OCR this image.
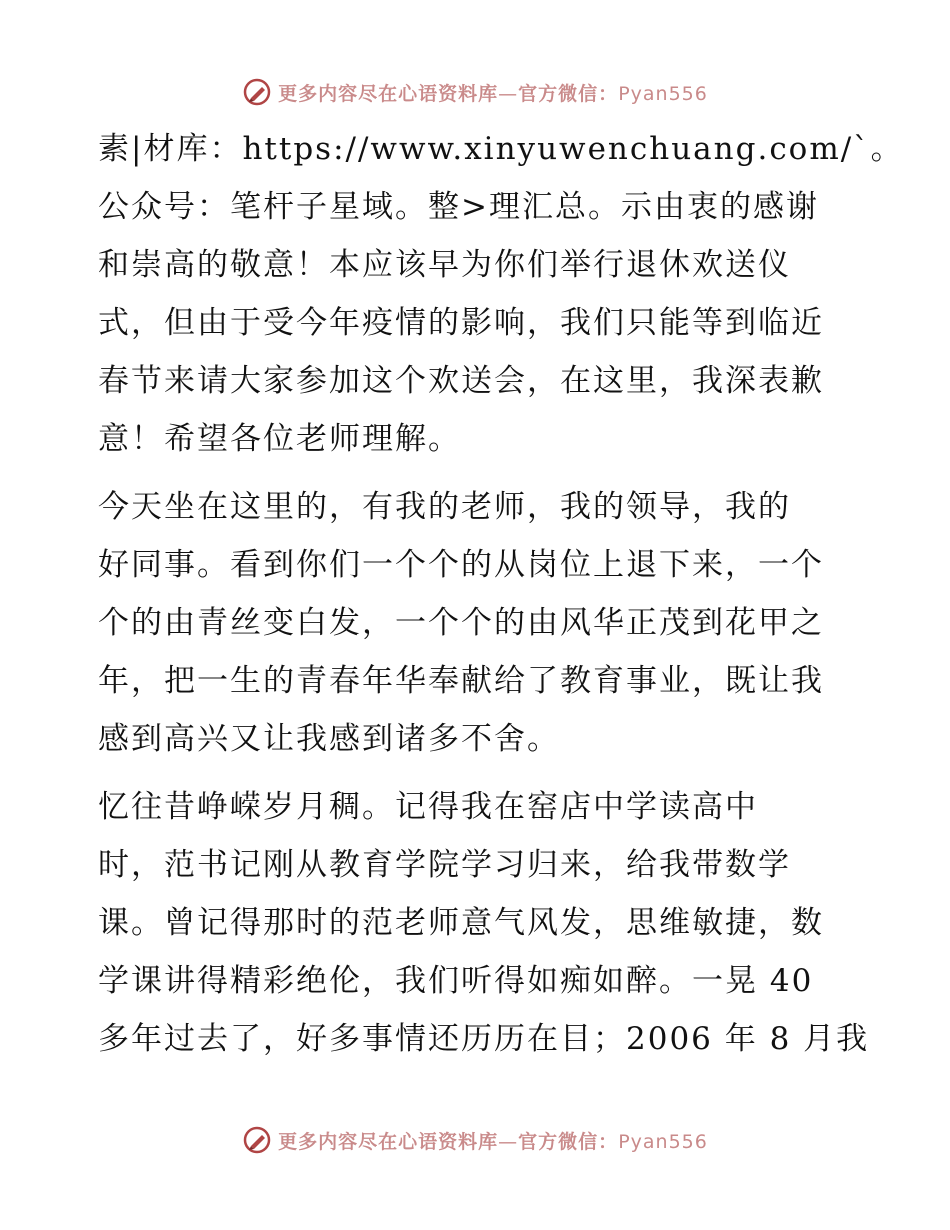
更多内容尽在心语资料库—官方微信：Pyan556
素|材库：https://www.xinyuwenchuang.com/`。
公众号：笔杆子星域。整>理汇总。示由衷的感谢
和崇高的敬意！本应该早为你们举行退休欢送仪
式，但由于受今年疫情的影响，我们只能等到临近
春节来请大家参加这个欢送会，在这里，我深表歉
意！希望各位老师理解。
今天坐在这里的，有我的老师，我的领导，我的
好同事。看到你们一个个的从岗位上退下来，一个
个的由青丝变白发，一个个的由风华正茂到花甲之
年，把一生的青春年华奉献给了教育事业，既让我
感到高兴又让我感到诸多不舍。
忆往昔峥嵘岁月稠。记得我在窑店中学读高中
时，范书记刚从教育学院学习归来，给我带数学
课。曾记得那时的范老师意气风发，思维敏捷，数
学课讲得精彩绝伦，我们听得如痴如醉。一晃 40
多年过去了，好多事情还历历在目；2006 年 8 月我
更多内容尽在心语资料库—官方微信：Pyan556
